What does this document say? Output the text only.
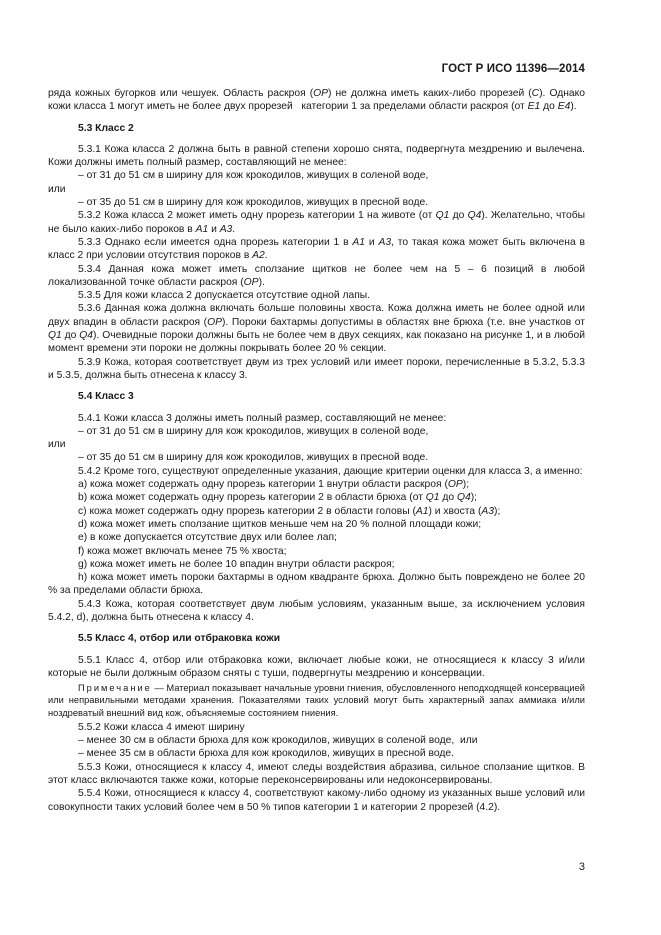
ГОСТ Р ИСО 11396—2014

ряда кожных бугорков или чешуек. Область раскроя (ОР) не должна иметь каких-либо прорезей (С). Однако кожи класса 1 могут иметь не более двух прорезей   категории 1 за пределами области раскроя (от Е1 до Е4).

5.3 Класс 2

5.3.1 Кожа класса 2 должна быть в равной степени хорошо снята, подвергнута мездрению и вылечена. Кожи должны иметь полный размер, составляющий не менее:

– от 31 до 51 см в ширину для кож крокодилов, живущих в соленой воде,

или

– от 35 до 51 см в ширину для кож крокодилов, живущих в пресной воде.

5.3.2 Кожа класса 2 может иметь одну прорезь категории 1 на животе (от Q1 до Q4). Желательно, чтобы не было каких-либо пороков в А1 и А3.

5.3.3 Однако если имеется одна прорезь категории 1 в А1 и А3, то такая кожа может быть включена в класс 2 при условии отсутствия пороков в А2.

5.3.4 Данная кожа может иметь сползание щитков не более чем на 5 – 6 позиций в любой локализованной точке области раскроя (ОР).

5.3.5 Для кожи класса 2 допускается отсутствие одной лапы.

5.3.6 Данная кожа должна включать больше половины хвоста. Кожа должна иметь не более одной или двух впадин в области раскроя (ОР). Пороки бахтармы допустимы в областях вне брюха (т.е. вне участков от Q1 до Q4). Очевидные пороки должны быть не более чем в двух секциях, как показано на рисунке 1, и в любой момент времени эти пороки не должны покрывать более 20 % секции.

5.3.9 Кожа, которая соответствует двум из трех условий или имеет пороки, перечисленные в 5.3.2, 5.3.3 и 5.3.5, должна быть отнесена к классу 3.

5.4 Класс 3

5.4.1 Кожи класса 3 должны иметь полный размер, составляющий не менее:

– от 31 до 51 см в ширину для кож крокодилов, живущих в соленой воде,

или

– от 35 до 51 см в ширину для кож крокодилов, живущих в пресной воде.

5.4.2 Кроме того, существуют определенные указания, дающие критерии оценки для класса 3, а именно:

a) кожа может содержать одну прорезь категории 1 внутри области раскроя (ОР);

b) кожа может содержать одну прорезь категории 2 в области брюха (от Q1 до Q4);

c) кожа может содержать одну прорезь категории 2 в области головы (А1) и хвоста (А3);

d) кожа может иметь сползание щитков меньше чем на 20 % полной площади кожи;

e) в коже допускается отсутствие двух или более лап;

f) кожа может включать менее 75 % хвоста;

g) кожа может иметь не более 10 впадин внутри области раскроя;

h) кожа может иметь пороки бахтармы в одном квадранте брюха. Должно быть повреждено не более 20 % за пределами области брюха.

5.4.3 Кожа, которая соответствует двум любым условиям, указанным выше, за исключением условия 5.4.2, d), должна быть отнесена к классу 4.

5.5 Класс 4, отбор или отбраковка кожи

5.5.1 Класс 4, отбор или отбраковка кожи, включает любые кожи, не относящиеся к классу 3 и/или которые не были должным образом сняты с туши, подвергнуты мездрению и консервации.

Примечание — Материал показывает начальные уровни гниения, обусловленного неподходящей консервацией или неправильными методами хранения. Показателями таких условий могут быть характерный запах аммиака и/или ноздреватый внешний вид кож, объясняемые состоянием гниения.

5.5.2 Кожи класса 4 имеют ширину

– менее 30 см в области брюха для кож крокодилов, живущих в соленой воде,  или

– менее 35 см в области брюха для кож крокодилов, живущих в пресной воде.

5.5.3 Кожи, относящиеся к классу 4, имеют следы воздействия абразива, сильное сползание щитков. В этот класс включаются также кожи, которые переконсервированы или недоконсервированы.

5.5.4 Кожи, относящиеся к классу 4, соответствуют какому-либо одному из указанных выше условий или совокупности таких условий более чем в 50 % типов категории 1 и категории 2 прорезей (4.2).

3
